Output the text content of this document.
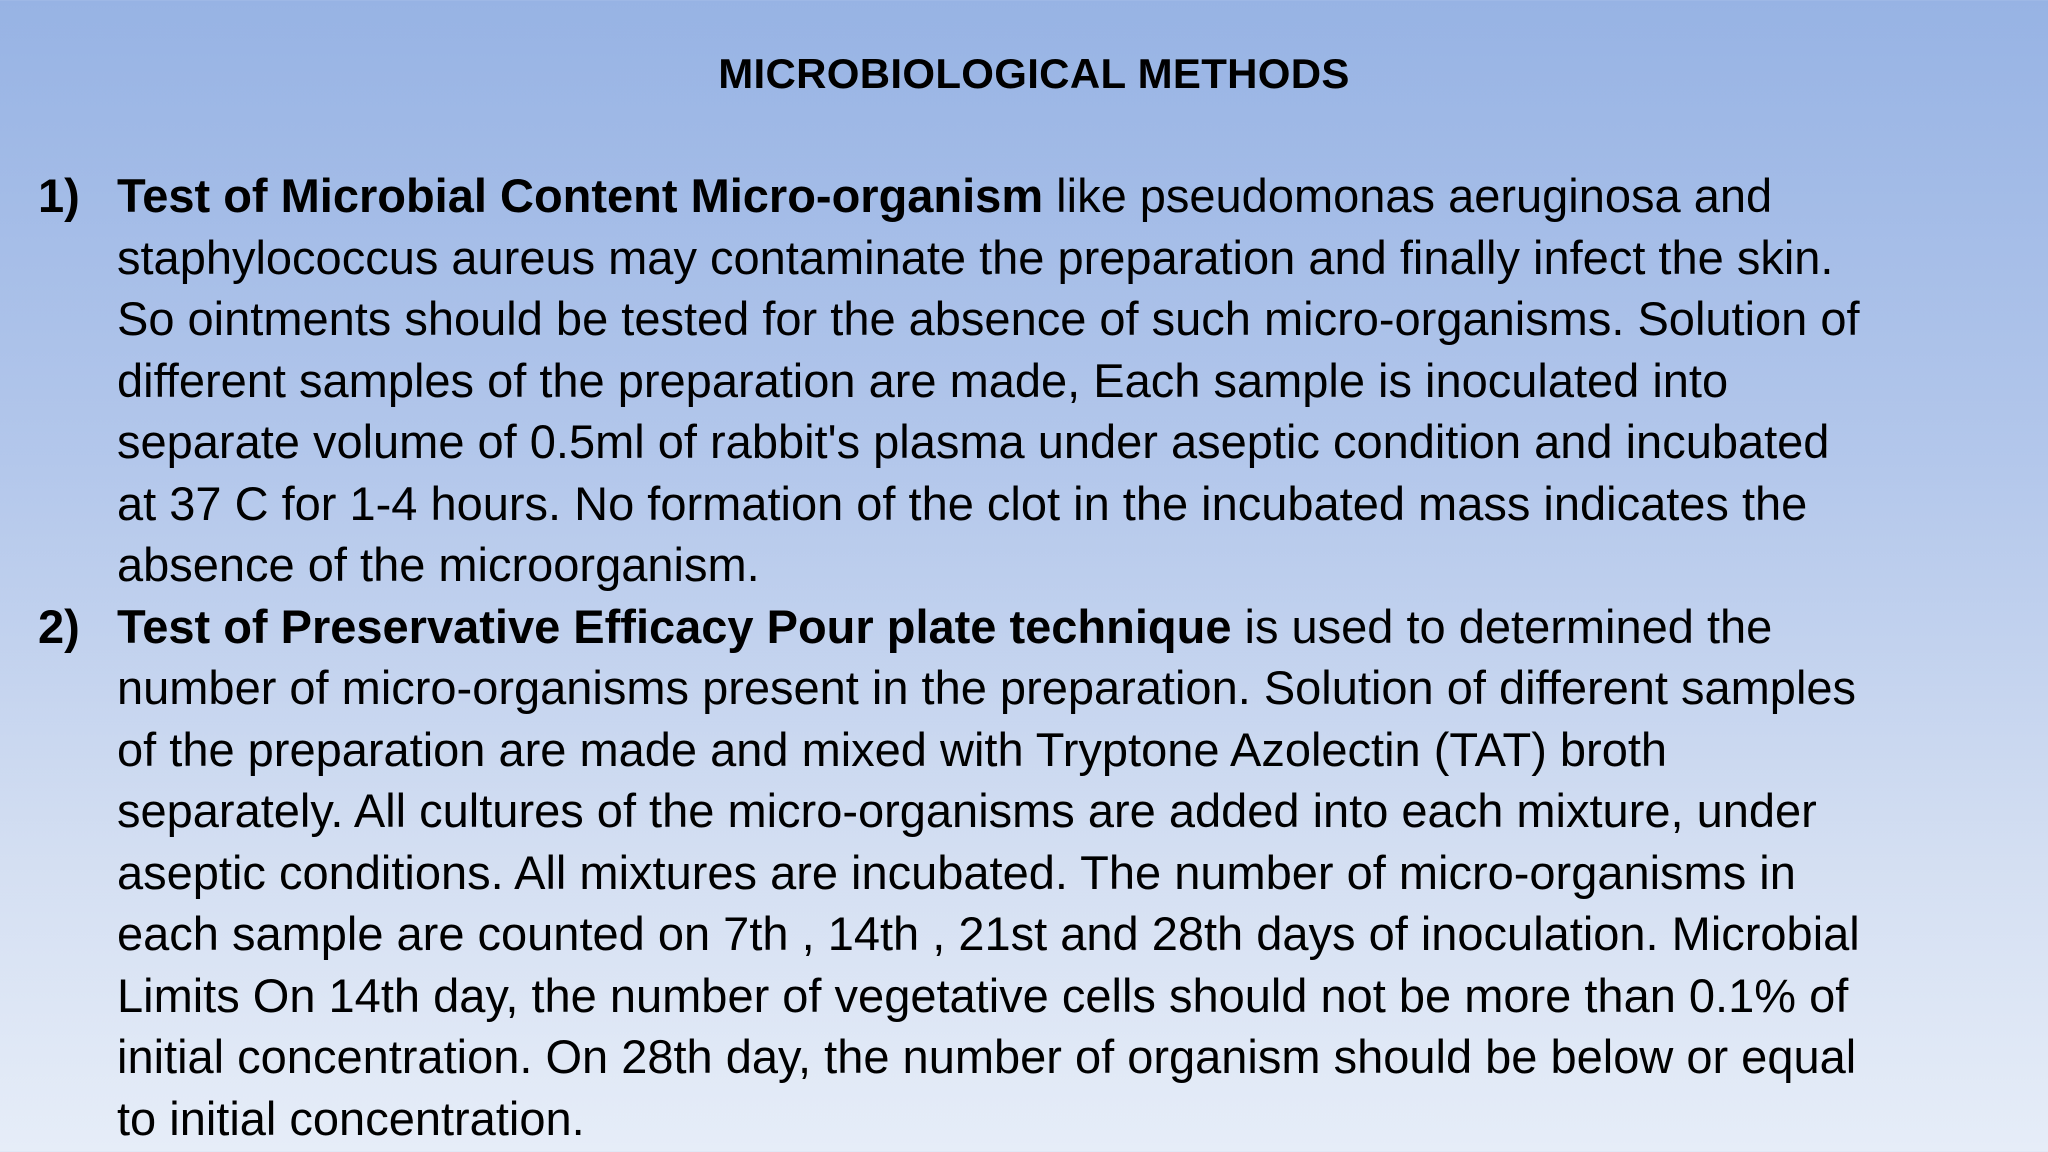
MICROBIOLOGICAL METHODS
1) Test of Microbial Content Micro-organism like pseudomonas aeruginosa and
staphylococcus aureus may contaminate the preparation and finally infect the skin.
So ointments should be tested for the absence of such micro-organisms. Solution of
different samples of the preparation are made, Each sample is inoculated into
separate volume of 0.5ml of rabbit's plasma under aseptic condition and incubated
at 37 C for 1-4 hours. No formation of the clot in the incubated mass indicates the
absence of the microorganism.
2) Test of Preservative Efficacy Pour plate technique is used to determined the
number of micro-organisms present in the preparation. Solution of different samples
of the preparation are made and mixed with Tryptone Azolectin (TAT) broth
separately. All cultures of the micro-organisms are added into each mixture, under
aseptic conditions. All mixtures are incubated. The number of micro-organisms in
each sample are counted on 7th , 14th , 21st and 28th days of inoculation. Microbial
Limits On 14th day, the number of vegetative cells should not be more than 0.1% of
initial concentration. On 28th day, the number of organism should be below or equal
to initial concentration.
